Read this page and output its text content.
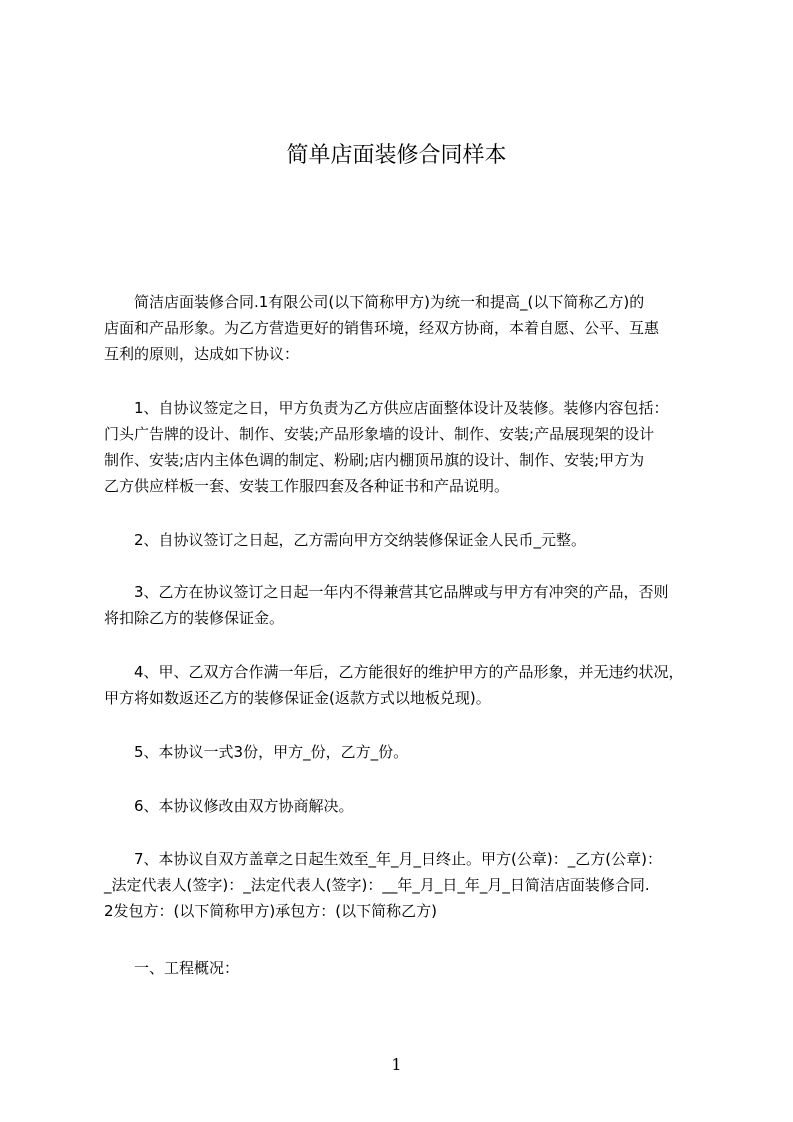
简单店面装修合同样本
　　简洁店面装修合同.1有限公司(以下简称甲方)为统一和提高_(以下简称乙方)的
店面和产品形象。为乙方营造更好的销售环境，经双方协商，本着自愿、公平、互惠
互利的原则，达成如下协议：
　　1、自协议签定之日，甲方负责为乙方供应店面整体设计及装修。装修内容包括：
门头广告牌的设计、制作、安装;产品形象墙的设计、制作、安装;产品展现架的设计
制作、安装;店内主体色调的制定、粉刷;店内棚顶吊旗的设计、制作、安装;甲方为
乙方供应样板一套、安装工作服四套及各种证书和产品说明。
　　2、自协议签订之日起，乙方需向甲方交纳装修保证金人民币_元整。
　　3、乙方在协议签订之日起一年内不得兼营其它品牌或与甲方有冲突的产品，否则
将扣除乙方的装修保证金。
　　4、甲、乙双方合作满一年后，乙方能很好的维护甲方的产品形象，并无违约状况，
甲方将如数返还乙方的装修保证金(返款方式以地板兑现)。
　　5、本协议一式3份，甲方_份，乙方_份。
　　6、本协议修改由双方协商解决。
　　7、本协议自双方盖章之日起生效至_年_月_日终止。甲方(公章)：_乙方(公章)：
_法定代表人(签字)：_法定代表人(签字)：__年_月_日_年_月_日简洁店面装修合同.
2发包方：(以下简称甲方)承包方：(以下简称乙方)
　　一、工程概况：
1
